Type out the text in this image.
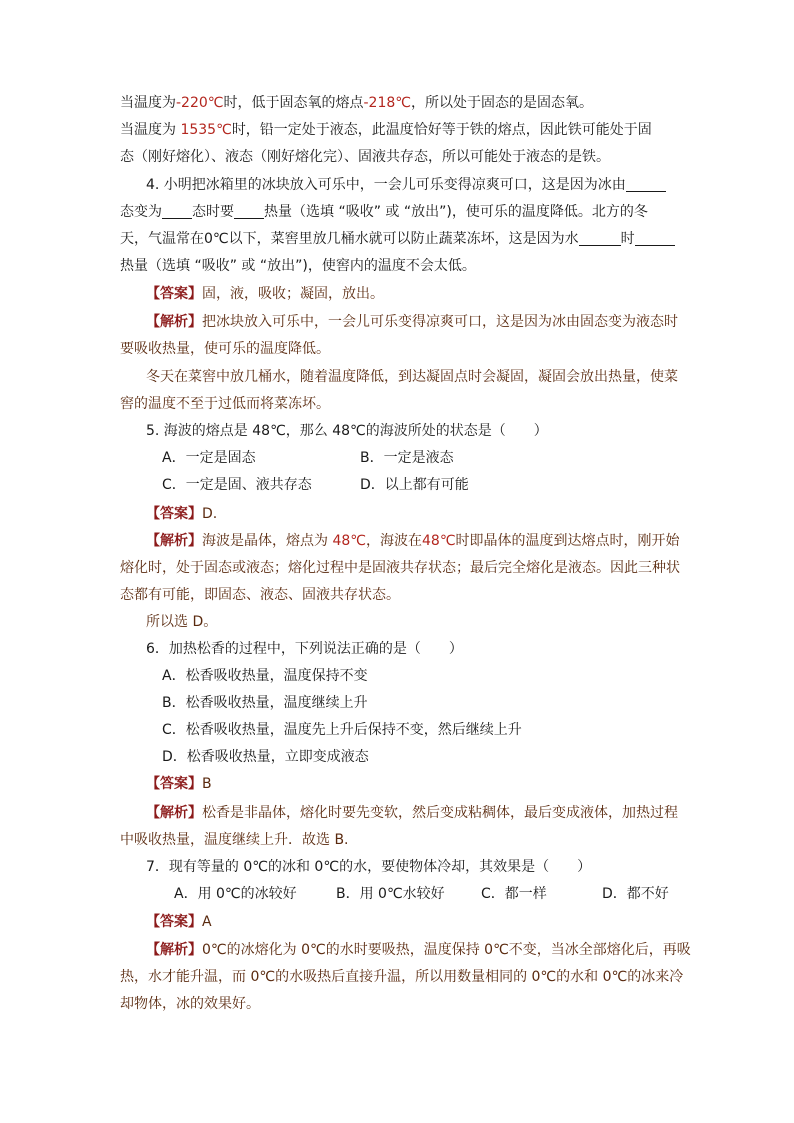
当温度为-220℃时，低于固态氧的熔点-218℃，所以处于固态的是固态氧。

当温度为 1535℃时，铅一定处于液态，此温度恰好等于铁的熔点，因此铁可能处于固

态（刚好熔化）、液态（刚好熔化完）、固液共存态，所以可能处于液态的是铁。

4. 小明把冰箱里的冰块放入可乐中，一会儿可乐变得凉爽可口，这是因为冰由

态变为 态时要 热量（选填 “吸收” 或 “放出”)，使可乐的温度降低。北方的冬

天，气温常在0℃以下，菜窖里放几桶水就可以防止蔬菜冻坏，这是因为水	时

热量（选填 “吸收” 或 “放出”)，使窖内的温度不会太低。

【答案】固，液，吸收；凝固，放出。

【解析】把冰块放入可乐中，一会儿可乐变得凉爽可口，这是因为冰由固态变为液态时

要吸收热量，使可乐的温度降低。

冬天在菜窖中放几桶水，随着温度降低，到达凝固点时会凝固，凝固会放出热量，使菜

窖的温度不至于过低而将菜冻坏。

5. 海波的熔点是 48℃，那么 48℃的海波所处的状态是（　　）

A．一定是固态	B．一定是液态

C．一定是固、液共存态	D．以上都有可能

【答案】D.

【解析】海波是晶体，熔点为 48℃，海波在48℃时即晶体的温度到达熔点时，刚开始

熔化时，处于固态或液态；熔化过程中是固液共存状态；最后完全熔化是液态。因此三种状

态都有可能，即固态、液态、固液共存状态。

所以选 D。

6．加热松香的过程中，下列说法正确的是（　　）

A．松香吸收热量，温度保持不变

B．松香吸收热量，温度继续上升

C．松香吸收热量，温度先上升后保持不变，然后继续上升

D．松香吸收热量，立即变成液态

【答案】B

【解析】松香是非晶体，熔化时要先变软，然后变成粘稠体，最后变成液体，加热过程

中吸收热量，温度继续上升．故选 B.

7．现有等量的 0℃的冰和 0℃的水，要使物体冷却，其效果是（　　）

A．用 0℃的冰较好	B．用 0℃水较好	C．都一样	D．都不好

【答案】A

【解析】0℃的冰熔化为 0℃的水时要吸热，温度保持 0℃不变，当冰全部熔化后，再吸

热，水才能升温，而 0℃的水吸热后直接升温，所以用数量相同的 0℃的水和 0℃的冰来冷

却物体，冰的效果好。
